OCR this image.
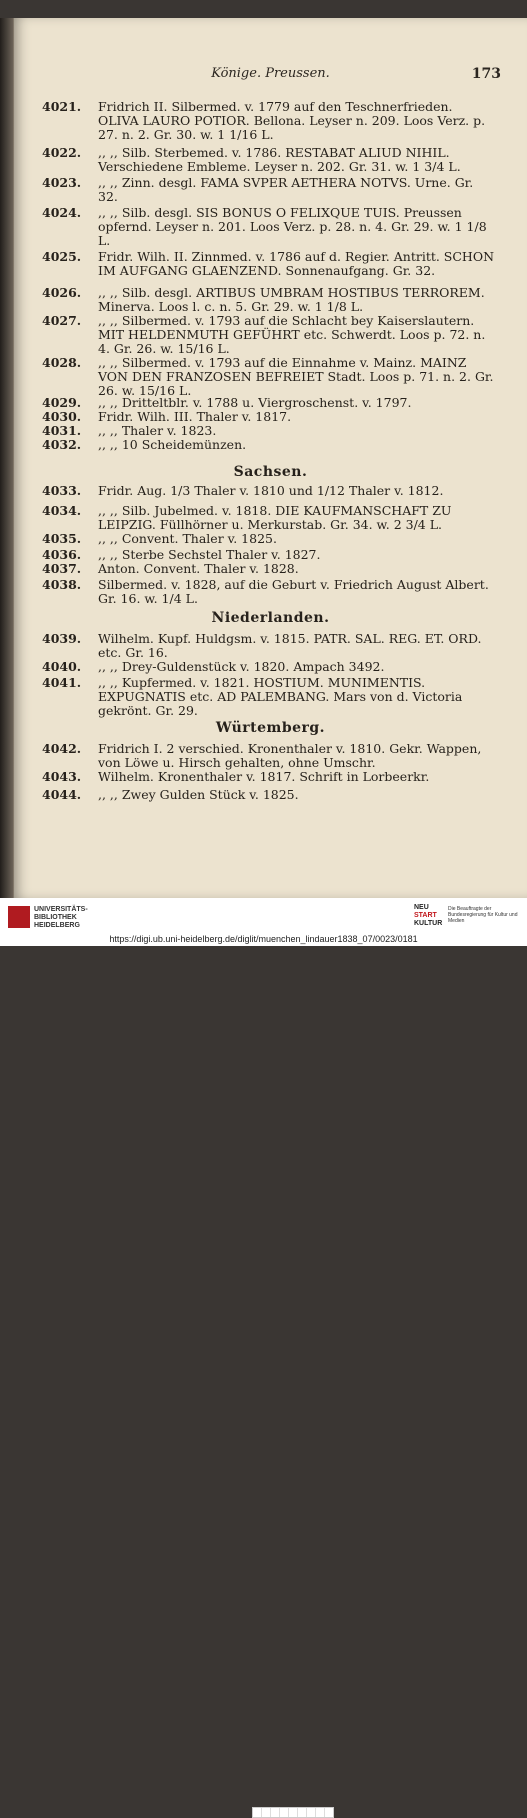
Könige. Preussen.	173
4021.	Fridrich II. Silbermed. v. 1779 auf den Teschnerfrieden. OLIVA LAURO POTIOR. Bellona. Leyser n. 209. Loos Verz. p. 27. n. 2. Gr. 30. w. 1 1/16 L.
4022.	,, ,, Silb. Sterbemed. v. 1786. RESTABAT ALIUD NIHIL. Verschiedene Embleme. Leyser n. 202. Gr. 31. w. 1 3/4 L.
4023.	,, ,, Zinn. desgl. FAMA SVPER AETHERA NOTVS. Urne. Gr. 32.
4024.	,, ,, Silb. desgl. SIS BONUS O FELIXQUE TUIS. Preussen opfernd. Leyser n. 201. Loos Verz. p. 28. n. 4. Gr. 29. w. 1 1/8 L.
4025.	Fridr. Wilh. II. Zinnmed. v. 1786 auf d. Regier. Antritt. SCHON IM AUFGANG GLAENZEND. Sonnenaufgang. Gr. 32.
4026.	,, ,, Silb. desgl. ARTIBUS UMBRAM HOSTIBUS TERROREM. Minerva. Loos l. c. n. 5. Gr. 29. w. 1 1/8 L.
4027.	,, ,, Silbermed. v. 1793 auf die Schlacht bey Kaiserslautern. MIT HELDENMUTH GEFÜHRT etc. Schwerdt. Loos p. 72. n. 4. Gr. 26. w. 15/16 L.
4028.	,, ,, Silbermed. v. 1793 auf die Einnahme v. Mainz. MAINZ VON DEN FRANZOSEN BEFREIET Stadt. Loos p. 71. n. 2. Gr. 26. w. 15/16 L.
4029.	,, ,, Dritteltblr. v. 1788 u. Viergroschenst. v. 1797.
4030.	Fridr. Wilh. III. Thaler v. 1817.
4031.	,, ,, Thaler v. 1823.
4032.	,, ,, 10 Scheidemünzen.
Sachsen.
4033.	Fridr. Aug. 1/3 Thaler v. 1810 und 1/12 Thaler v. 1812.
4034.	,, ,, Silb. Jubelmed. v. 1818. DIE KAUFMANSCHAFT ZU LEIPZIG. Füllhörner u. Merkurstab. Gr. 34. w. 2 3/4 L.
4035.	,, ,, Convent. Thaler v. 1825.
4036.	,, ,, Sterbe Sechstel Thaler v. 1827.
4037.	Anton. Convent. Thaler v. 1828.
4038.	Silbermed. v. 1828, auf die Geburt v. Friedrich August Albert. Gr. 16. w. 1/4 L.
Niederlanden.
4039.	Wilhelm. Kupf. Huldgsm. v. 1815. PATR. SAL. REG. ET. ORD. etc. Gr. 16.
4040.	,, ,, Drey-Guldenstück v. 1820. Ampach 3492.
4041.	,, ,, Kupfermed. v. 1821. HOSTIUM. MUNIMENTIS. EXPUGNATIS etc. AD PALEMBANG. Mars von d. Victoria gekrönt. Gr. 29.
Würtemberg.
4042.	Fridrich I. 2 verschied. Kronenthaler v. 1810. Gekr. Wappen, von Löwe u. Hirsch gehalten, ohne Umschr.
4043.	Wilhelm. Kronenthaler v. 1817. Schrift in Lorbeerkr.
4044.	,, ,, Zwey Gulden Stück v. 1825.
UNIVERSITÄTS-
BIBLIOTHEK
HEIDELBERG
NEU
START
KULTUR
Die Beauftragte der Bundesregierung für Kultur und Medien
https://digi.ub.uni-heidelberg.de/diglit/muenchen_lindauer1838_07/0023/0181
